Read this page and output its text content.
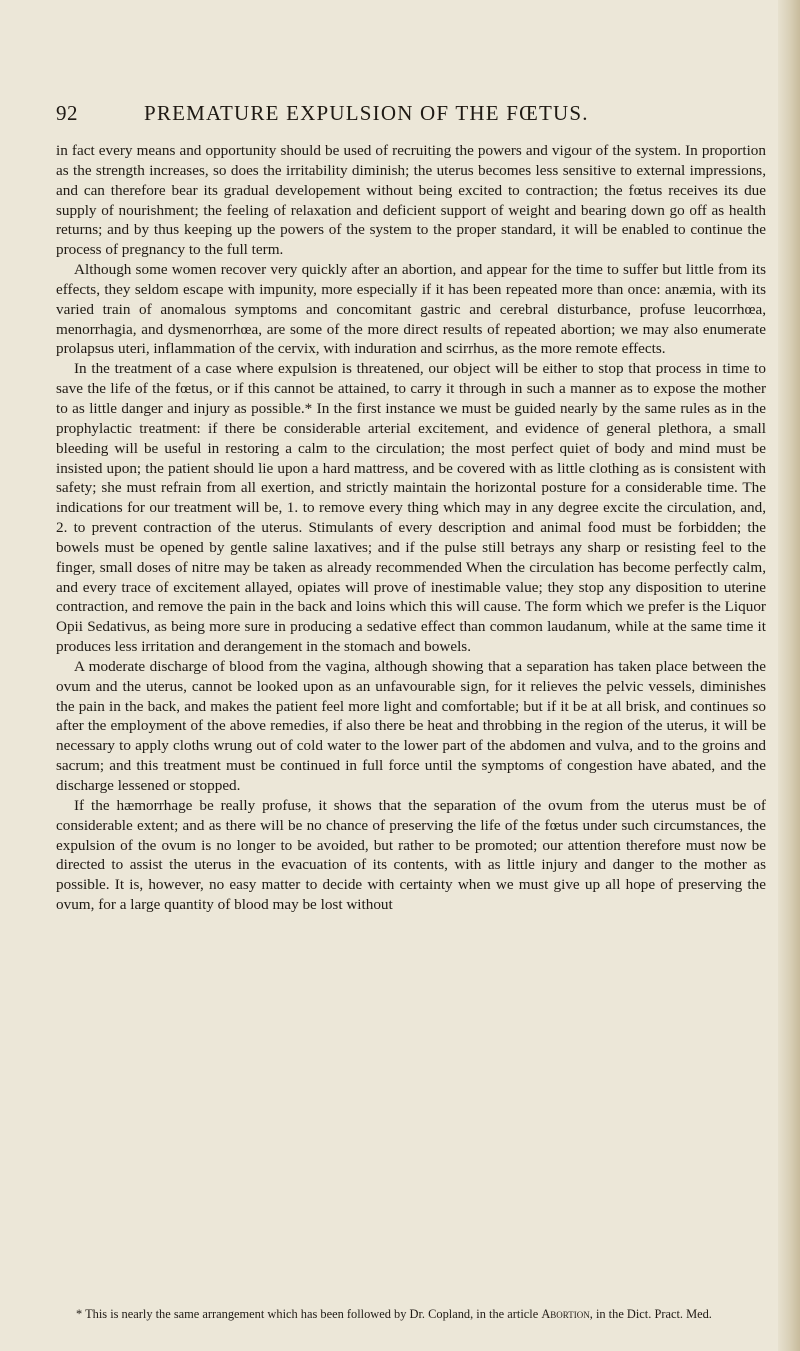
92	PREMATURE EXPULSION OF THE FŒTUS.

in fact every means and opportunity should be used of recruiting the powers and vigour of the system. In proportion as the strength increases, so does the irritability diminish; the uterus becomes less sensitive to external impressions, and can therefore bear its gradual developement without being excited to contraction; the fœtus receives its due supply of nourishment; the feeling of relaxation and deficient support of weight and bearing down go off as health returns; and by thus keeping up the powers of the system to the proper standard, it will be enabled to continue the process of pregnancy to the full term.

Although some women recover very quickly after an abortion, and appear for the time to suffer but little from its effects, they seldom escape with impunity, more especially if it has been repeated more than once: anæmia, with its varied train of anomalous symptoms and concomitant gastric and cerebral disturbance, profuse leucorrhœa, menorrhagia, and dysmenorrhœa, are some of the more direct results of repeated abortion; we may also enumerate prolapsus uteri, inflammation of the cervix, with induration and scirrhus, as the more remote effects.

In the treatment of a case where expulsion is threatened, our object will be either to stop that process in time to save the life of the fœtus, or if this cannot be attained, to carry it through in such a manner as to expose the mother to as little danger and injury as possible.* In the first instance we must be guided nearly by the same rules as in the prophylactic treatment: if there be considerable arterial excitement, and evidence of general plethora, a small bleeding will be useful in restoring a calm to the circulation; the most perfect quiet of body and mind must be insisted upon; the patient should lie upon a hard mattress, and be covered with as little clothing as is consistent with safety; she must refrain from all exertion, and strictly maintain the horizontal posture for a considerable time. The indications for our treatment will be, 1. to remove every thing which may in any degree excite the circulation, and, 2. to prevent contraction of the uterus. Stimulants of every description and animal food must be forbidden; the bowels must be opened by gentle saline laxatives; and if the pulse still betrays any sharp or resisting feel to the finger, small doses of nitre may be taken as already recommended When the circulation has become perfectly calm, and every trace of excitement allayed, opiates will prove of inestimable value; they stop any disposition to uterine contraction, and remove the pain in the back and loins which this will cause. The form which we prefer is the Liquor Opii Sedativus, as being more sure in producing a sedative effect than common laudanum, while at the same time it produces less irritation and derangement in the stomach and bowels.

A moderate discharge of blood from the vagina, although showing that a separation has taken place between the ovum and the uterus, cannot be looked upon as an unfavourable sign, for it relieves the pelvic vessels, diminishes the pain in the back, and makes the patient feel more light and comfortable; but if it be at all brisk, and continues so after the employment of the above remedies, if also there be heat and throbbing in the region of the uterus, it will be necessary to apply cloths wrung out of cold water to the lower part of the abdomen and vulva, and to the groins and sacrum; and this treatment must be continued in full force until the symptoms of congestion have abated, and the discharge lessened or stopped.

If the hæmorrhage be really profuse, it shows that the separation of the ovum from the uterus must be of considerable extent; and as there will be no chance of preserving the life of the fœtus under such circumstances, the expulsion of the ovum is no longer to be avoided, but rather to be promoted; our attention therefore must now be directed to assist the uterus in the evacuation of its contents, with as little injury and danger to the mother as possible. It is, however, no easy matter to decide with certainty when we must give up all hope of preserving the ovum, for a large quantity of blood may be lost without

* This is nearly the same arrangement which has been followed by Dr. Copland, in the article Abortion, in the Dict. Pract. Med.
